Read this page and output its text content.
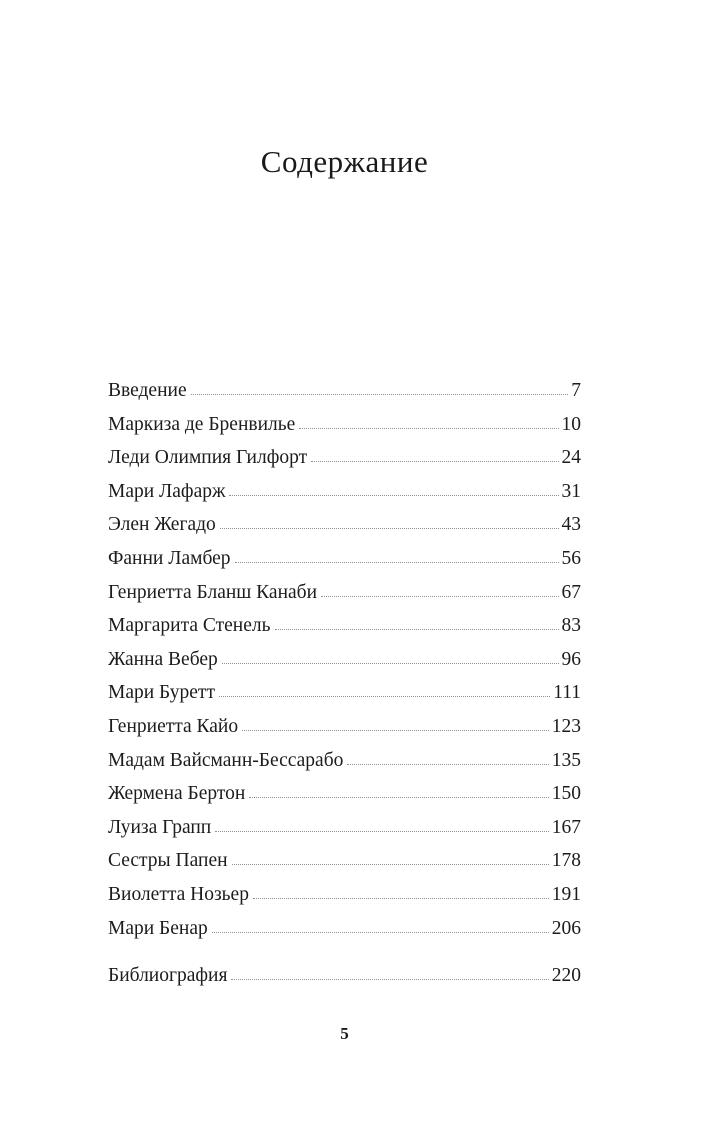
Содержание
Введение	7
Маркиза де Бренвилье	10
Леди Олимпия Гилфорт	24
Мари Лафарж	31
Элен Жегадо	43
Фанни Ламбер	56
Генриетта Бланш Канаби	67
Маргарита Стенель	83
Жанна Вебер	96
Мари Буретт	111
Генриетта Кайо	123
Мадам Вайсманн-Бессарабо	135
Жермена Бертон	150
Луиза Грапп	167
Сестры Папен	178
Виолетта Нозьер	191
Мари Бенар	206
Библиография	220
5
